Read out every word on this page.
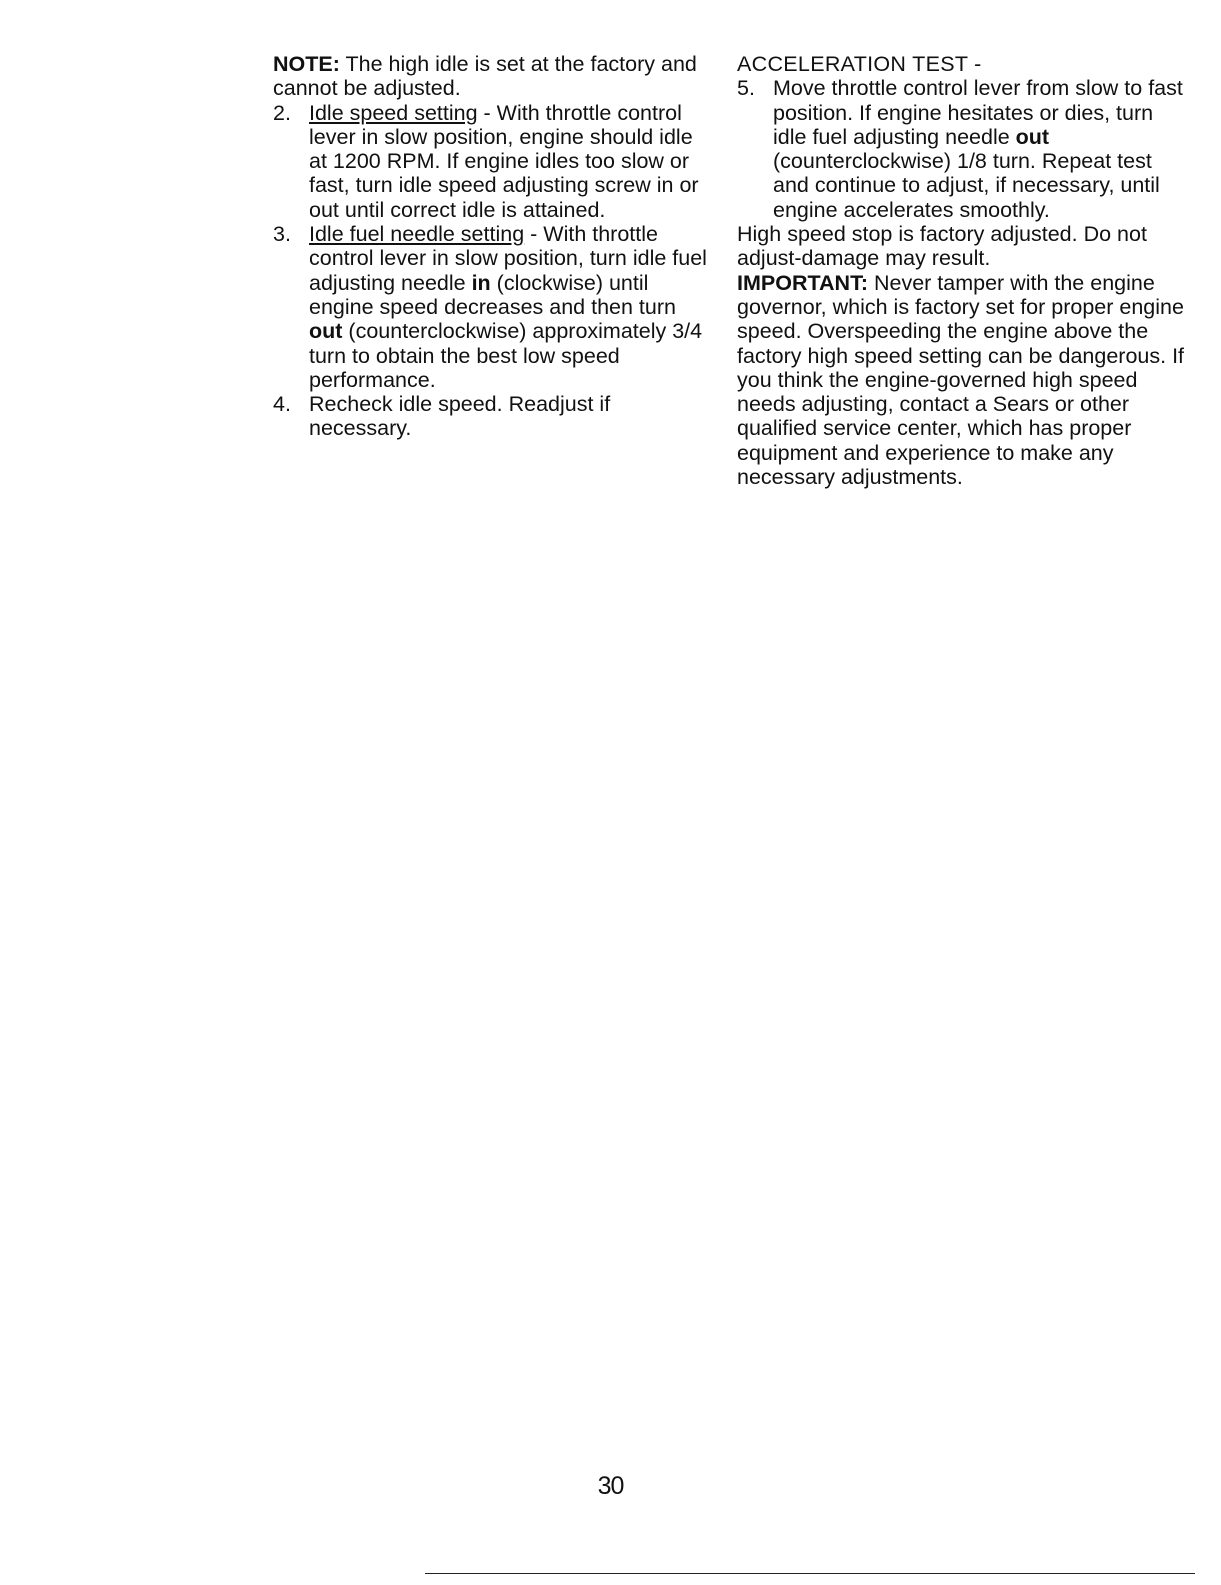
NOTE: The high idle is set at the factory and cannot be adjusted.

2. Idle speed setting - With throttle control lever in slow position, engine should idle at 1200 RPM. If engine idles too slow or fast, turn idle speed adjusting screw in or out until correct idle is attained.
3. Idle fuel needle setting - With throttle control lever in slow position, turn idle fuel adjusting needle in (clockwise) until engine speed decreases and then turn out (counterclockwise) approximately 3/4 turn to obtain the best low speed performance.
4. Recheck idle speed. Readjust if necessary.

ACCELERATION TEST -

5. Move throttle control lever from slow to fast position. If engine hesitates or dies, turn idle fuel adjusting needle out (counterclockwise) 1/8 turn. Repeat test and continue to adjust, if necessary, until engine accelerates smoothly.

High speed stop is factory adjusted. Do not adjust-damage may result.

IMPORTANT: Never tamper with the engine governor, which is factory set for proper engine speed. Overspeeding the engine above the factory high speed setting can be dangerous. If you think the engine-governed high speed needs adjusting, contact a Sears or other qualified service center, which has proper equipment and experience to make any necessary adjustments.

30
